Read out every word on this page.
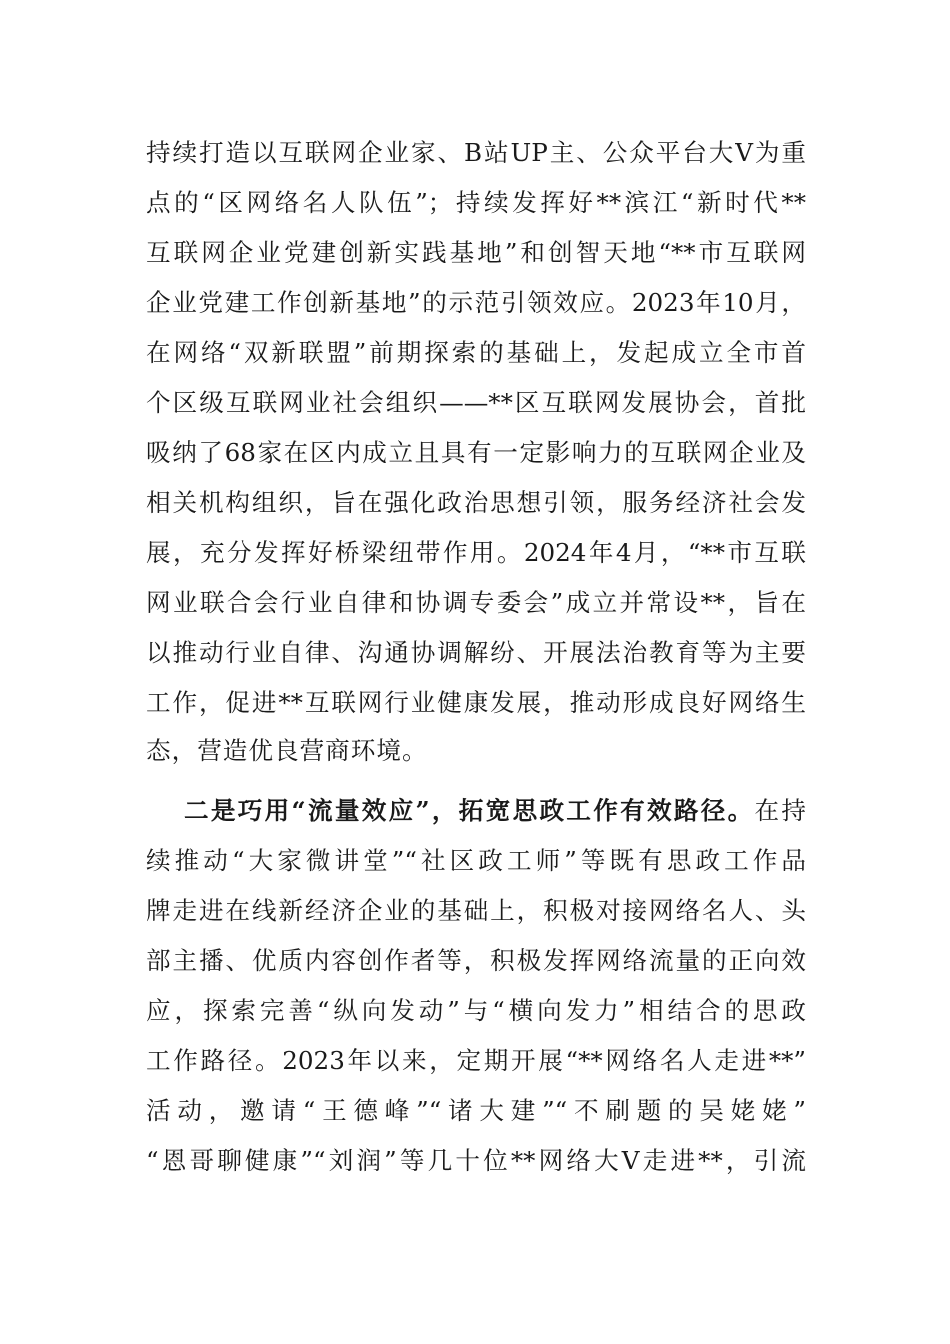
持续打造以互联网企业家、B站UP主、公众平台大V为重
点的“区网络名人队伍”；持续发挥好**滨江“新时代**
互联网企业党建创新实践基地”和创智天地“**市互联网
企业党建工作创新基地”的示范引领效应。2023年10月，
在网络“双新联盟”前期探索的基础上，发起成立全市首
个区级互联网业社会组织——**区互联网发展协会，首批
吸纳了68家在区内成立且具有一定影响力的互联网企业及
相关机构组织，旨在强化政治思想引领，服务经济社会发
展，充分发挥好桥梁纽带作用。2024年4月，“**市互联
网业联合会行业自律和协调专委会”成立并常设**，旨在
以推动行业自律、沟通协调解纷、开展法治教育等为主要
工作，促进**互联网行业健康发展，推动形成良好网络生
态，营造优良营商环境。
二是巧用“流量效应”，拓宽思政工作有效路径。在持
续推动“大家微讲堂”“社区政工师”等既有思政工作品
牌走进在线新经济企业的基础上，积极对接网络名人、头
部主播、优质内容创作者等，积极发挥网络流量的正向效
应，探索完善“纵向发动”与“横向发力”相结合的思政
工作路径。2023年以来，定期开展“**网络名人走进**”
活动，邀请“王德峰”“诸大建”“不刷题的吴姥姥”
“恩哥聊健康”“刘润”等几十位**网络大V走进**，引流
